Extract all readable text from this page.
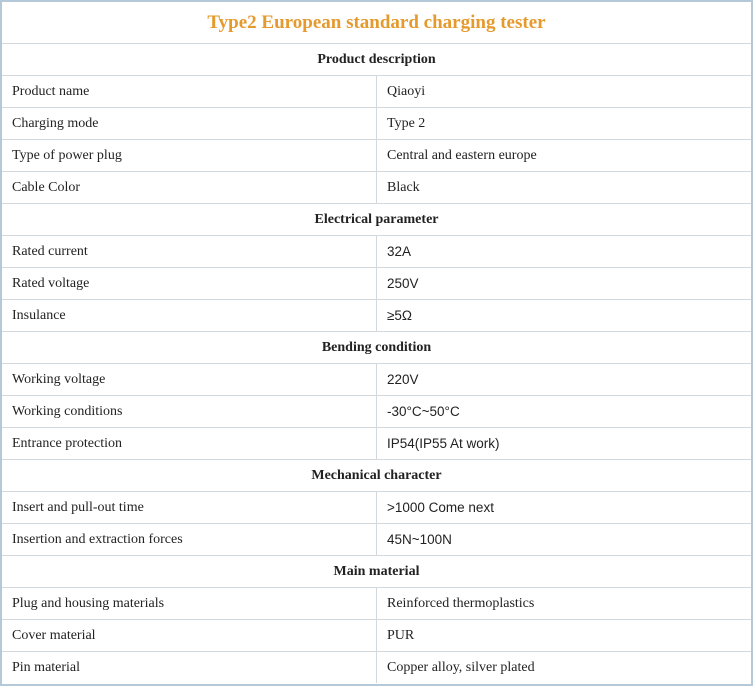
Type2 European standard charging tester	
Product description	
Product name	Qiaoyi
Charging mode	Type 2
Type of power plug	Central and eastern europe
Cable Color	Black
Electrical parameter	
Rated current	32A
Rated voltage	250V
Insulance	≥5Ω
Bending condition	
Working voltage	220V
Working conditions	-30°C~50°C
Entrance protection	IP54(IP55 At work)
Mechanical character	
Insert and pull-out time	>1000 Come next
Insertion and extraction forces	45N~100N
Main material	
Plug and housing materials	Reinforced thermoplastics
Cover material	PUR
Pin material	Copper alloy, silver plated
